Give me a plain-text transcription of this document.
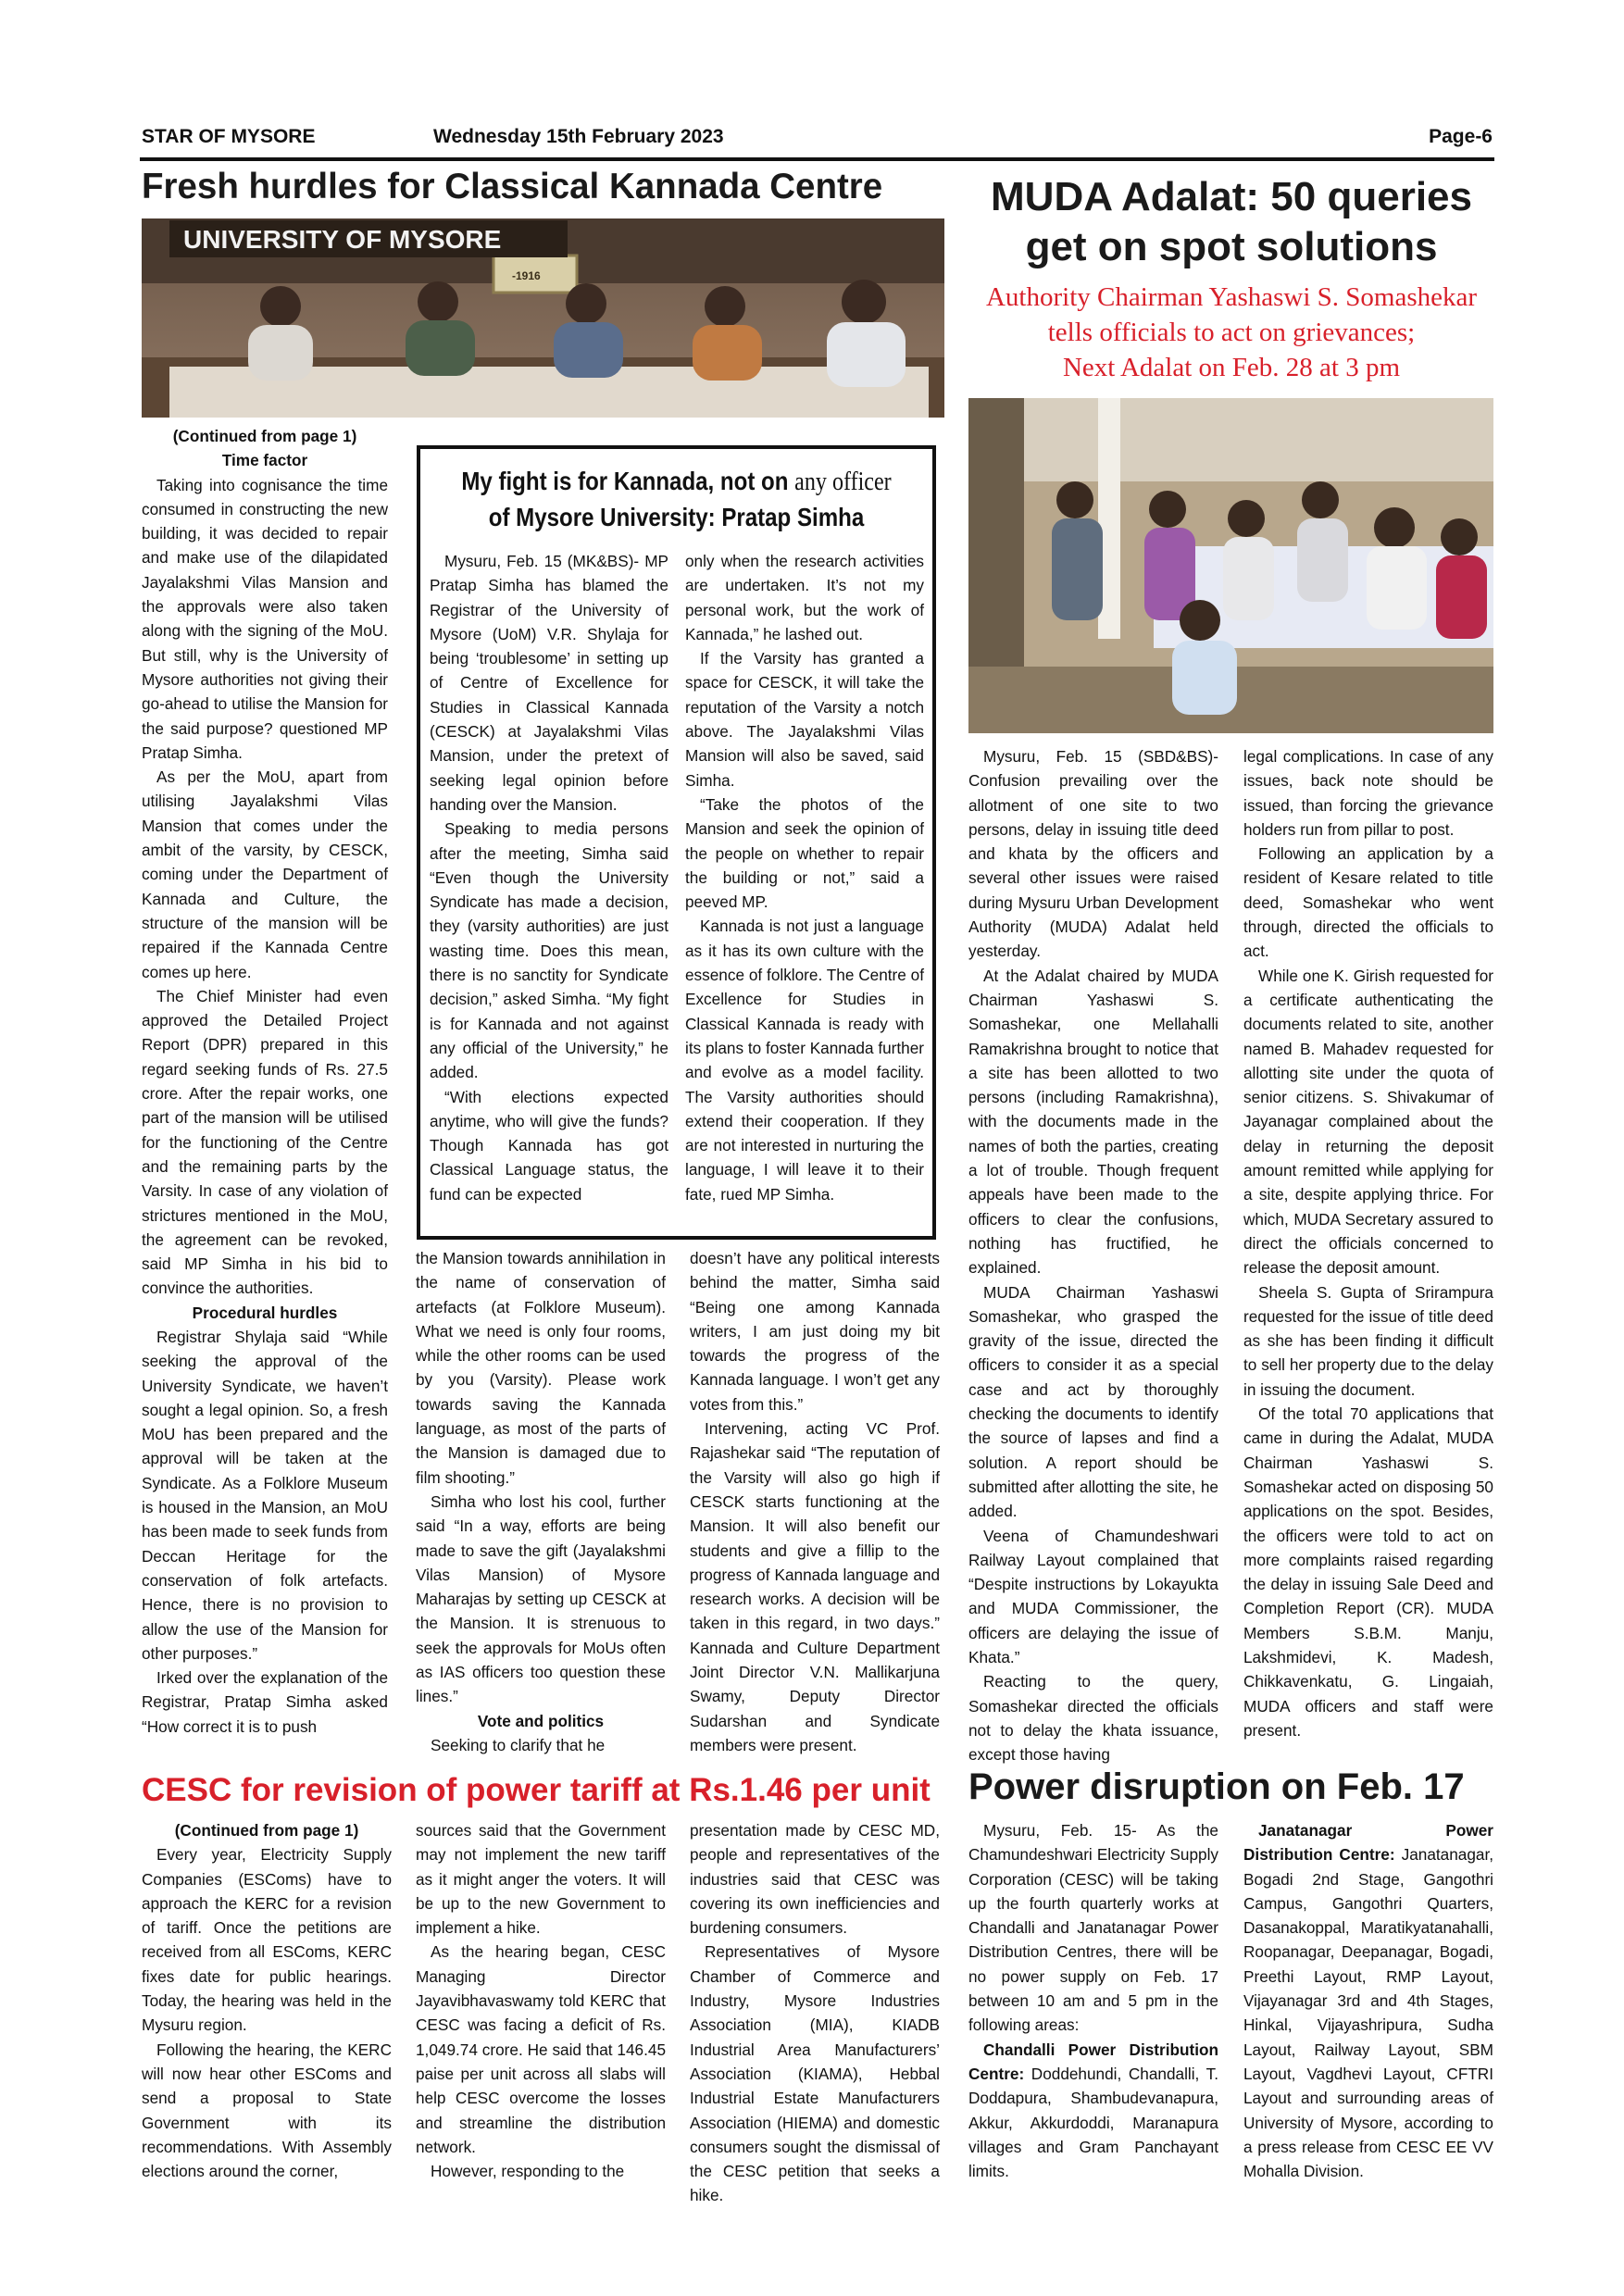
STAR OF MYSORE	Wednesday 15th February 2023	Page-6
Fresh hurdles for Classical Kannada Centre
UNIVERSITY OF MYSORE
-1916

(Continued from page 1)

Time factor

Taking into cognisance the time consumed in constructing the new building, it was decided to repair and make use of the dilapidated Jayalakshmi Vilas Mansion and the approvals were also taken along with the signing of the MoU. But still, why is the University of Mysore authorities not giving their go-ahead to utilise the Mansion for the said purpose? questioned MP Pratap Simha.

As per the MoU, apart from utilising Jayalakshmi Vilas Mansion that comes under the ambit of the varsity, by CESCK, coming under the Department of Kannada and Culture, the structure of the mansion will be repaired if the Kannada Centre comes up here.

The Chief Minister had even approved the Detailed Project Report (DPR) prepared in this regard seeking funds of Rs. 27.5 crore. After the repair works, one part of the mansion will be utilised for the functioning of the Centre and the remaining parts by the Varsity. In case of any violation of strictures mentioned in the MoU, the agreement can be revoked, said MP Simha in his bid to convince the authorities.

Procedural hurdles

Registrar Shylaja said “While seeking the approval of the University Syndicate, we haven’t sought a legal opinion. So, a fresh MoU has been prepared and the approval will be taken at the Syndicate. As a Folklore Museum is housed in the Mansion, an MoU has been made to seek funds from Deccan Heritage for the conservation of folk artefacts. Hence, there is no provision to allow the use of the Mansion for other purposes.”

Irked over the explanation of the Registrar, Pratap Simha asked “How correct it is to push

My fight is for Kannada, not on any officer
of Mysore University: Pratap Simha

Mysuru, Feb. 15 (MK&BS)- MP Pratap Simha has blamed the Registrar of the University of Mysore (UoM) V.R. Shylaja for being ‘troublesome’ in setting up of Centre of Excellence for Studies in Classical Kannada (CESCK) at Jayalakshmi Vilas Mansion, under the pretext of seeking legal opinion before handing over the Mansion.

Speaking to media persons after the meeting, Simha said “Even though the University Syndicate has made a decision, they (varsity authorities) are just wasting time. Does this mean, there is no sanctity for Syndicate decision,” asked Simha. “My fight is for Kannada and not against any official of the University,” he added.

“With elections expected anytime, who will give the funds? Though Kannada has got Classical Language status, the fund can be expected

only when the research activities are undertaken. It’s not my personal work, but the work of Kannada,” he lashed out.

If the Varsity has granted a space for CESCK, it will take the reputation of the Varsity a notch above. The Jayalakshmi Vilas Mansion will also be saved, said Simha.

“Take the photos of the Mansion and seek the opinion of the people on whether to repair the building or not,” said a peeved MP.

Kannada is not just a language as it has its own culture with the essence of folklore. The Centre of Excellence for Studies in Classical Kannada is ready with its plans to foster Kannada further and evolve as a model facility. The Varsity authorities should extend their cooperation. If they are not interested in nurturing the language, I will leave it to their fate, rued MP Simha.

the Mansion towards annihilation in the name of conservation of artefacts (at Folklore Museum). What we need is only four rooms, while the other rooms can be used by you (Varsity). Please work towards saving the Kannada language, as most of the parts of the Mansion is damaged due to film shooting.”

Simha who lost his cool, further said “In a way, efforts are being made to save the gift (Jayalakshmi Vilas Mansion) of Mysore Maharajas by setting up CESCK at the Mansion. It is strenuous to seek the approvals for MoUs often as IAS officers too question these lines.”

Vote and politics

Seeking to clarify that he

doesn’t have any political interests behind the matter, Simha said “Being one among Kannada writers, I am just doing my bit towards the progress of the Kannada language. I won’t get any votes from this.”

Intervening, acting VC Prof. Rajashekar said “The reputation of the Varsity will also go high if CESCK starts functioning at the Mansion. It will also benefit our students and give a fillip to the progress of Kannada language and research works. A decision will be taken in this regard, in two days.” Kannada and Culture Department Joint Director V.N. Mallikarjuna Swamy, Deputy Director Sudarshan and Syndicate members were present.

MUDA Adalat: 50 queries
get on spot solutions
Authority Chairman Yashaswi S. Somashekar
tells officials to act on grievances;
Next Adalat on Feb. 28 at 3 pm

Mysuru, Feb. 15 (SBD&BS)- Confusion prevailing over the allotment of one site to two persons, delay in issuing title deed and khata by the officers and several other issues were raised during Mysuru Urban Development Authority (MUDA) Adalat held yesterday.

At the Adalat chaired by MUDA Chairman Yashaswi S. Somashekar, one Mellahalli Ramakrishna brought to notice that a site has been allotted to two persons (including Ramakrishna), with the documents made in the names of both the parties, creating a lot of trouble. Though frequent appeals have been made to the officers to clear the confusions, nothing has fructified, he explained.

MUDA Chairman Yashaswi Somashekar, who grasped the gravity of the issue, directed the officers to consider it as a special case and act by thoroughly checking the documents to identify the source of lapses and find a solution. A report should be submitted after allotting the site, he added.

Veena of Chamundeshwari Railway Layout complained that “Despite instructions by Lokayukta and MUDA Commissioner, the officers are delaying the issue of Khata.”

Reacting to the query, Somashekar directed the officials not to delay the khata issuance, except those having

legal complications. In case of any issues, back note should be issued, than forcing the grievance holders run from pillar to post.

Following an application by a resident of Kesare related to title deed, Somashekar who went through, directed the officials to act.

While one K. Girish requested for a certificate authenticating the documents related to site, another named B. Mahadev requested for allotting site under the quota of senior citizens. S. Shivakumar of Jayanagar complained about the delay in returning the deposit amount remitted while applying for a site, despite applying thrice. For which, MUDA Secretary assured to direct the officials concerned to release the deposit amount.

Sheela S. Gupta of Srirampura requested for the issue of title deed as she has been finding it difficult to sell her property due to the delay in issuing the document.

Of the total 70 applications that came in during the Adalat, MUDA Chairman Yashaswi S. Somashekar acted on disposing 50 applications on the spot. Besides, the officers were told to act on more complaints raised regarding the delay in issuing Sale Deed and Completion Report (CR). MUDA Members S.B.M. Manju, Lakshmidevi, K. Madesh, Chikkavenkatu, G. Lingaiah, MUDA officers and staff were present.

CESC for revision of power tariff at Rs.1.46 per unit

(Continued from page 1)

Every year, Electricity Supply Companies (ESComs) have to approach the KERC for a revision of tariff. Once the petitions are received from all ESComs, KERC fixes date for public hearings. Today, the hearing was held in the Mysuru region.

Following the hearing, the KERC will now hear other ESComs and send a proposal to State Government with its recommendations. With Assembly elections around the corner,

sources said that the Government may not implement the new tariff as it might anger the voters. It will be up to the new Government to implement a hike.

As the hearing began, CESC Managing Director Jayavibhavaswamy told KERC that CESC was facing a deficit of Rs. 1,049.74 crore. He said that 146.45 paise per unit across all slabs will help CESC overcome the losses and streamline the distribution network.

However, responding to the

presentation made by CESC MD, people and representatives of the industries said that CESC was covering its own inefficiencies and burdening consumers.

Representatives of Mysore Chamber of Commerce and Industry, Mysore Industries Association (MIA), KIADB Industrial Area Manufacturers’ Association (KIAMA), Hebbal Industrial Estate Manufacturers Association (HIEMA) and domestic consumers sought the dismissal of the CESC petition that seeks a hike.

Power disruption on Feb. 17

Mysuru, Feb. 15- As the Chamundeshwari Electricity Supply Corporation (CESC) will be taking up the fourth quarterly works at Chandalli and Janatanagar Power Distribution Centres, there will be no power supply on Feb. 17 between 10 am and 5 pm in the following areas:

Chandalli Power Distribution Centre: Doddehundi, Chandalli, T. Doddapura, Shambudevanapura, Akkur, Akkurdoddi, Maranapura villages and Gram Panchayant limits.

Janatanagar Power Distribution Centre: Janatanagar, Bogadi 2nd Stage, Gangothri Campus, Gangothri Quarters, Dasanakoppal, Maratikyatanahalli, Roopanagar, Deepanagar, Bogadi, Preethi Layout, RMP Layout, Vijayanagar 3rd and 4th Stages, Hinkal, Vijayashripura, Sudha Layout, Railway Layout, SBM Layout, Vagdhevi Layout, CFTRI Layout and surrounding areas of University of Mysore, according to a press release from CESC EE VV Mohalla Division.
